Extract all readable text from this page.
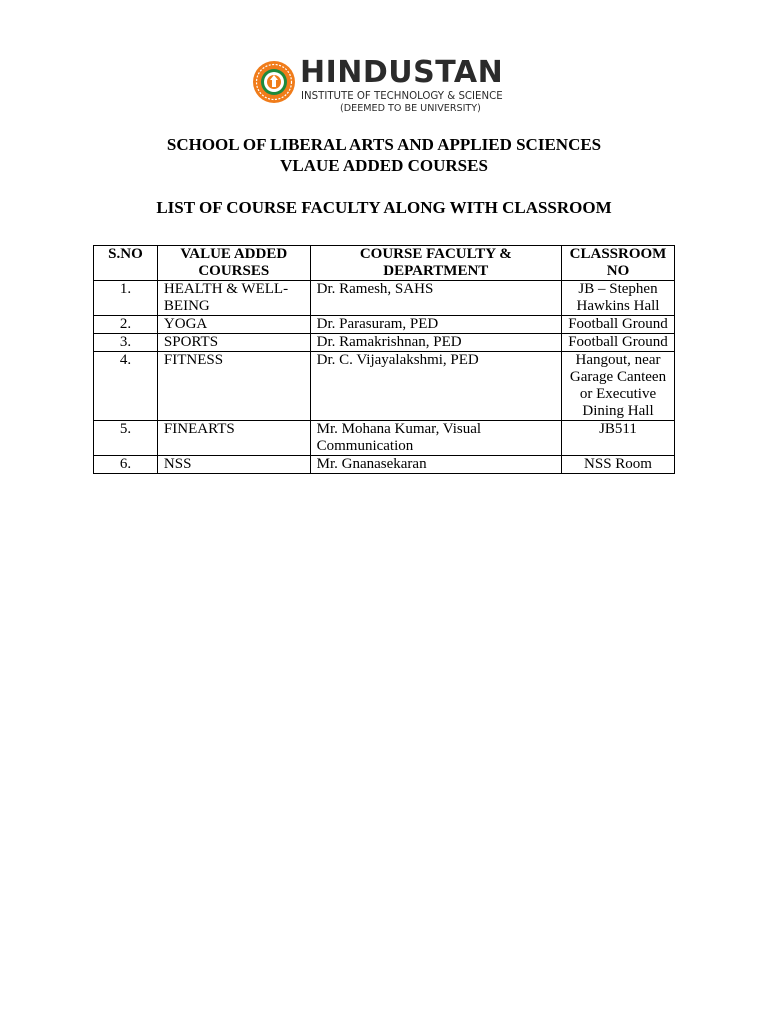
HINDUSTAN
INSTITUTE OF TECHNOLOGY & SCIENCE
(DEEMED TO BE UNIVERSITY)
SCHOOL OF LIBERAL ARTS AND APPLIED SCIENCES
VLAUE ADDED COURSES
LIST OF COURSE FACULTY ALONG WITH CLASSROOM
S.NO	VALUE ADDED COURSES	COURSE FACULTY & DEPARTMENT	CLASSROOM NO
1.	HEALTH & WELL-BEING	Dr. Ramesh, SAHS	JB – Stephen Hawkins Hall
2.	YOGA	Dr. Parasuram, PED	Football Ground
3.	SPORTS	Dr. Ramakrishnan, PED	Football Ground
4.	FITNESS	Dr. C. Vijayalakshmi, PED	Hangout, near Garage Canteen or Executive Dining Hall
5.	FINEARTS	Mr. Mohana Kumar, Visual Communication	JB511
6.	NSS	Mr. Gnanasekaran	NSS Room
